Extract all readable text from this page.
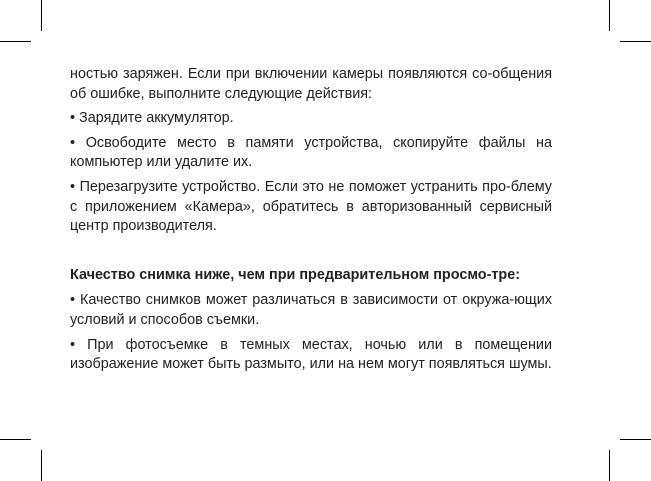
ностью заряжен. Если при включении камеры появляются со-общения об ошибке, выполните следующие действия:

• Зарядите аккумулятор.

• Освободите место в памяти устройства, скопируйте файлы на компьютер или удалите их.

• Перезагрузите устройство. Если это не поможет устранить про-блему с приложением «Камера», обратитесь в авторизованный сервисный центр производителя.

Качество снимка ниже, чем при предварительном просмо-тре:

• Качество снимков может различаться в зависимости от окружа-ющих условий и способов съемки.

• При фотосъемке в темных местах, ночью или в помещении изображение может быть размыто, или на нем могут появляться шумы.
